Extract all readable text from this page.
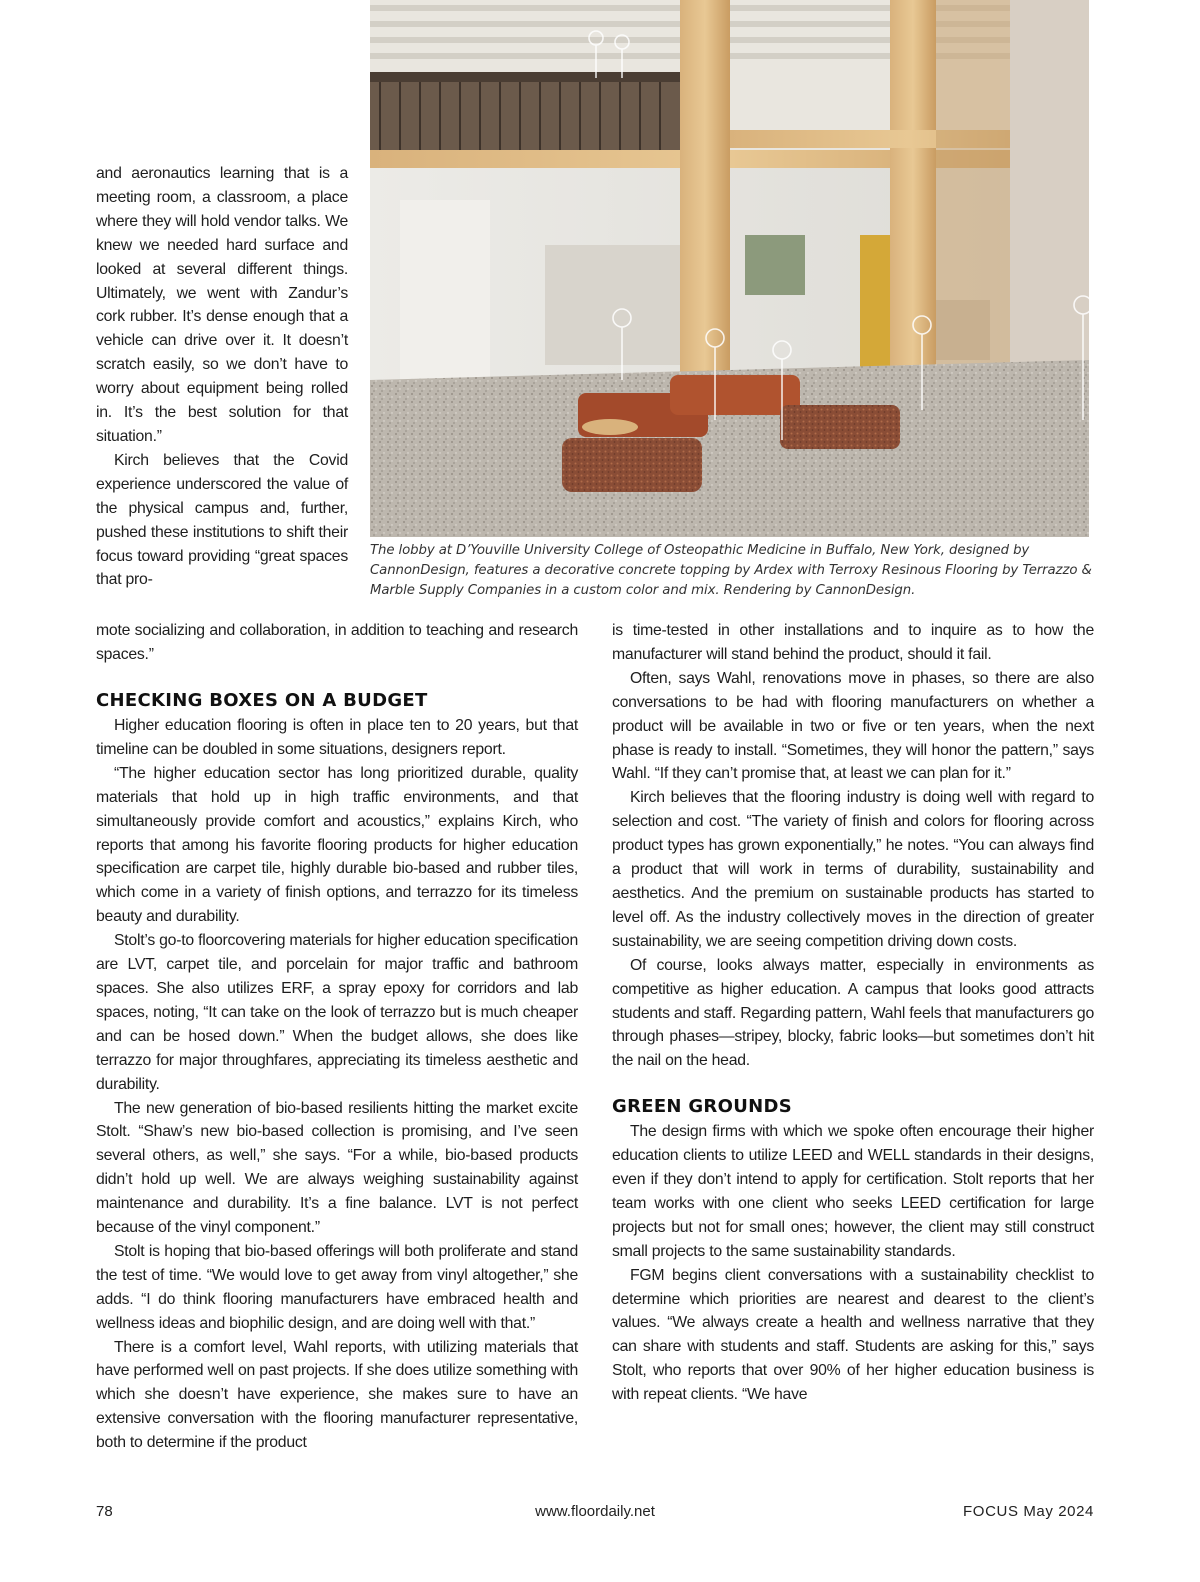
The lobby at D’Youville University College of Osteopathic Medicine in Buffalo, New York, designed by CannonDesign, features a decorative concrete topping by Ardex with Terroxy Resinous Flooring by Terrazzo & Marble Supply Companies in a custom color and mix. Rendering by CannonDesign.

and aeronautics learning that is a meeting room, a classroom, a place where they will hold vendor talks. We knew we needed hard surface and looked at several different things. Ultimately, we went with Zandur’s cork rubber. It’s dense enough that a vehicle can drive over it. It doesn’t scratch easily, so we don’t have to worry about equipment being rolled in. It’s the best solution for that situation.”

Kirch believes that the Covid experience underscored the value of the physical campus and, further, pushed these institutions to shift their focus toward providing “great spaces that pro-

mote socializing and collaboration, in addition to teaching and research spaces.”

CHECKING BOXES ON A BUDGET

Higher education flooring is often in place ten to 20 years, but that timeline can be doubled in some situations, designers report.

“The higher education sector has long prioritized durable, quality materials that hold up in high traffic environments, and that simultaneously provide comfort and acoustics,” explains Kirch, who reports that among his favorite flooring products for higher education specification are carpet tile, highly durable bio-based and rubber tiles, which come in a variety of finish options, and terrazzo for its timeless beauty and durability.

Stolt’s go-to floorcovering materials for higher education specification are LVT, carpet tile, and porcelain for major traffic and bathroom spaces. She also utilizes ERF, a spray epoxy for corridors and lab spaces, noting, “It can take on the look of terrazzo but is much cheaper and can be hosed down.” When the budget allows, she does like terrazzo for major throughfares, appreciating its timeless aesthetic and durability.

The new generation of bio-based resilients hitting the market excite Stolt. “Shaw’s new bio-based collection is promising, and I’ve seen several others, as well,” she says. “For a while, bio-based products didn’t hold up well. We are always weighing sustainability against maintenance and durability. It’s a fine balance. LVT is not perfect because of the vinyl component.”

Stolt is hoping that bio-based offerings will both proliferate and stand the test of time. “We would love to get away from vinyl altogether,” she adds. “I do think flooring manufacturers have embraced health and wellness ideas and biophilic design, and are doing well with that.”

There is a comfort level, Wahl reports, with utilizing materials that have performed well on past projects. If she does utilize something with which she doesn’t have experience, she makes sure to have an extensive conversation with the flooring manufacturer representative, both to determine if the product

is time-tested in other installations and to inquire as to how the manufacturer will stand behind the product, should it fail.

Often, says Wahl, renovations move in phases, so there are also conversations to be had with flooring manufacturers on whether a product will be available in two or five or ten years, when the next phase is ready to install. “Sometimes, they will honor the pattern,” says Wahl. “If they can’t promise that, at least we can plan for it.”

Kirch believes that the flooring industry is doing well with regard to selection and cost. “The variety of finish and colors for flooring across product types has grown exponentially,” he notes. “You can always find a product that will work in terms of durability, sustainability and aesthetics. And the premium on sustainable products has started to level off. As the industry collectively moves in the direction of greater sustainability, we are seeing competition driving down costs.

Of course, looks always matter, especially in environments as competitive as higher education. A campus that looks good attracts students and staff. Regarding pattern, Wahl feels that manufacturers go through phases—stripey, blocky, fabric looks—but sometimes don’t hit the nail on the head.

GREEN GROUNDS

The design firms with which we spoke often encourage their higher education clients to utilize LEED and WELL standards in their designs, even if they don’t intend to apply for certification. Stolt reports that her team works with one client who seeks LEED certification for large projects but not for small ones; however, the client may still construct small projects to the same sustainability standards.

FGM begins client conversations with a sustainability checklist to determine which priorities are nearest and dearest to the client’s values. “We always create a health and wellness narrative that they can share with students and staff. Students are asking for this,” says Stolt, who reports that over 90% of her higher education business is with repeat clients. “We have

78	www.floordaily.net	FOCUS May 2024
